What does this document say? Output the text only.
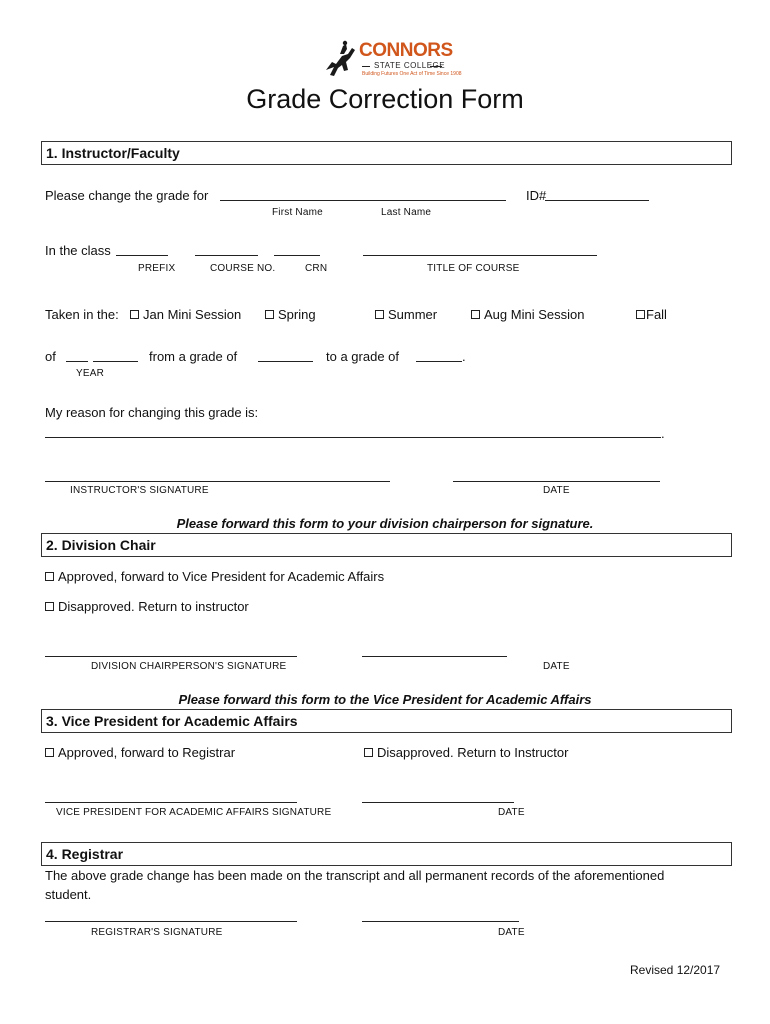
CONNORS
STATE COLLEGE
Building Futures One Act of Time Since 1908
Grade Correction Form
1. Instructor/Faculty
Please change the grade for	ID#
First Name	Last Name
In the class
PREFIX	COURSE NO.	CRN	TITLE OF COURSE
Taken in the:	Jan Mini Session	Spring	Summer	Aug Mini Session	Fall
of	from a grade of	to a grade of	.
YEAR
My reason for changing this grade is:
.
INSTRUCTOR'S SIGNATURE	DATE
Please forward this form to your division chairperson for signature.
2. Division Chair
Approved, forward to Vice President for Academic Affairs
Disapproved. Return to instructor
DIVISION CHAIRPERSON'S SIGNATURE	DATE
Please forward this form to the Vice President for Academic Affairs
3. Vice President for Academic Affairs
Approved, forward to Registrar	Disapproved. Return to Instructor
VICE PRESIDENT FOR ACADEMIC AFFAIRS SIGNATURE	DATE
4. Registrar
The above grade change has been made on the transcript and all permanent records of the aforementioned
student.
REGISTRAR'S SIGNATURE	DATE
Revised 12/2017
